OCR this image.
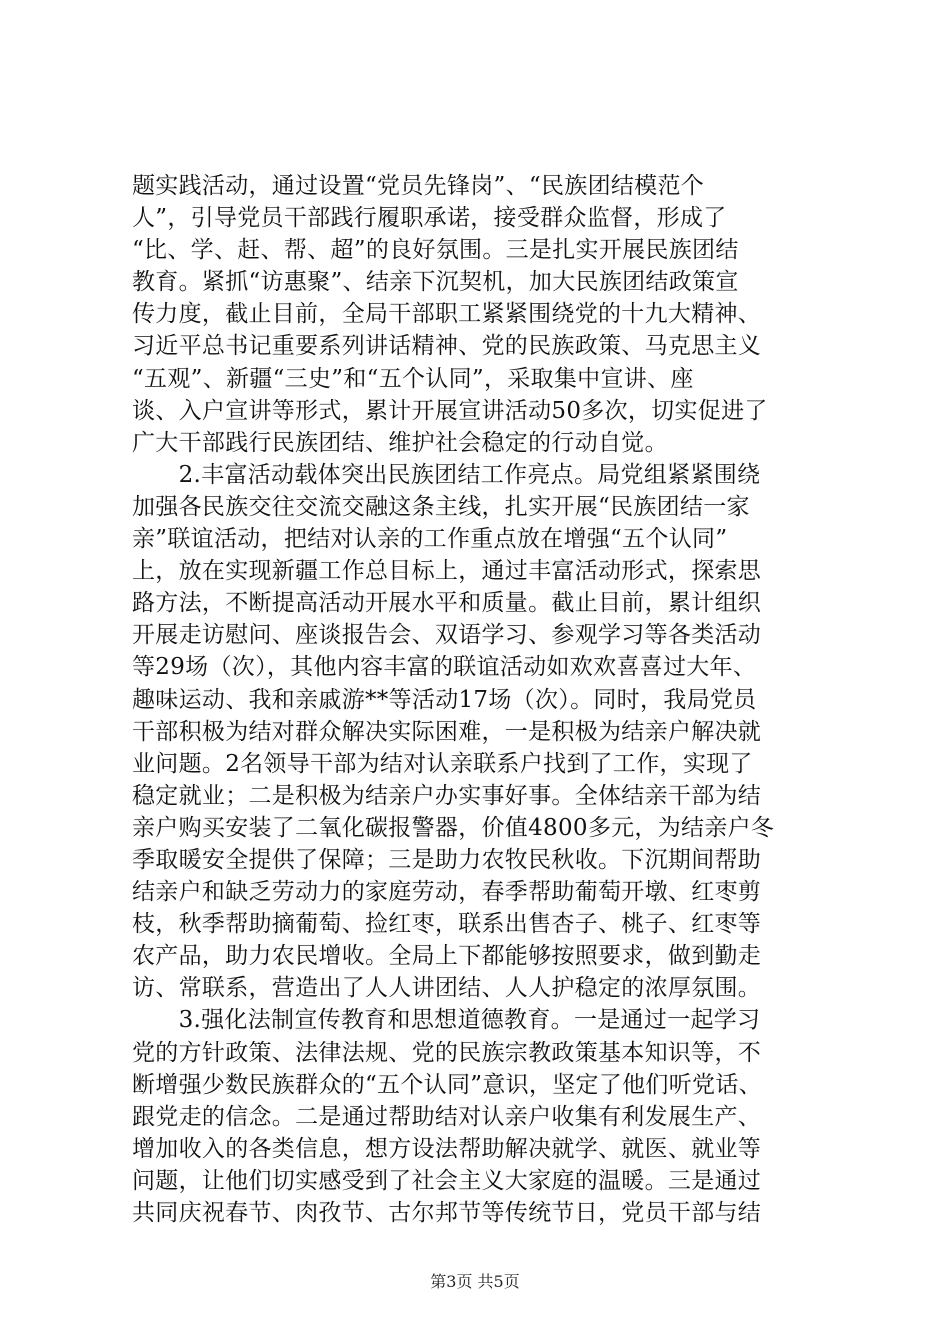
题实践活动，通过设置“党员先锋岗”、“民族团结模范个
人”，引导党员干部践行履职承诺，接受群众监督，形成了
“比、学、赶、帮、超”的良好氛围。三是扎实开展民族团结
教育。紧抓“访惠聚”、结亲下沉契机，加大民族团结政策宣
传力度，截止目前，全局干部职工紧紧围绕党的十九大精神、
习近平总书记重要系列讲话精神、党的民族政策、马克思主义
“五观”、新疆“三史”和“五个认同”，采取集中宣讲、座
谈、入户宣讲等形式，累计开展宣讲活动50多次，切实促进了
广大干部践行民族团结、维护社会稳定的行动自觉。
　　2.丰富活动载体突出民族团结工作亮点。局党组紧紧围绕
加强各民族交往交流交融这条主线，扎实开展“民族团结一家
亲”联谊活动，把结对认亲的工作重点放在增强“五个认同”
上，放在实现新疆工作总目标上，通过丰富活动形式，探索思
路方法，不断提高活动开展水平和质量。截止目前，累计组织
开展走访慰问、座谈报告会、双语学习、参观学习等各类活动
等29场（次），其他内容丰富的联谊活动如欢欢喜喜过大年、
趣味运动、我和亲戚游**等活动17场（次）。同时，我局党员
干部积极为结对群众解决实际困难，一是积极为结亲户解决就
业问题。2名领导干部为结对认亲联系户找到了工作，实现了
稳定就业；二是积极为结亲户办实事好事。全体结亲干部为结
亲户购买安装了二氧化碳报警器，价值4800多元，为结亲户冬
季取暖安全提供了保障；三是助力农牧民秋收。下沉期间帮助
结亲户和缺乏劳动力的家庭劳动，春季帮助葡萄开墩、红枣剪
枝，秋季帮助摘葡萄、捡红枣，联系出售杏子、桃子、红枣等
农产品，助力农民增收。全局上下都能够按照要求，做到勤走
访、常联系，营造出了人人讲团结、人人护稳定的浓厚氛围。
　　3.强化法制宣传教育和思想道德教育。一是通过一起学习
党的方针政策、法律法规、党的民族宗教政策基本知识等，不
断增强少数民族群众的“五个认同”意识，坚定了他们听党话、
跟党走的信念。二是通过帮助结对认亲户收集有利发展生产、
增加收入的各类信息，想方设法帮助解决就学、就医、就业等
问题，让他们切实感受到了社会主义大家庭的温暖。三是通过
共同庆祝春节、肉孜节、古尔邦节等传统节日，党员干部与结
第3页 共5页
